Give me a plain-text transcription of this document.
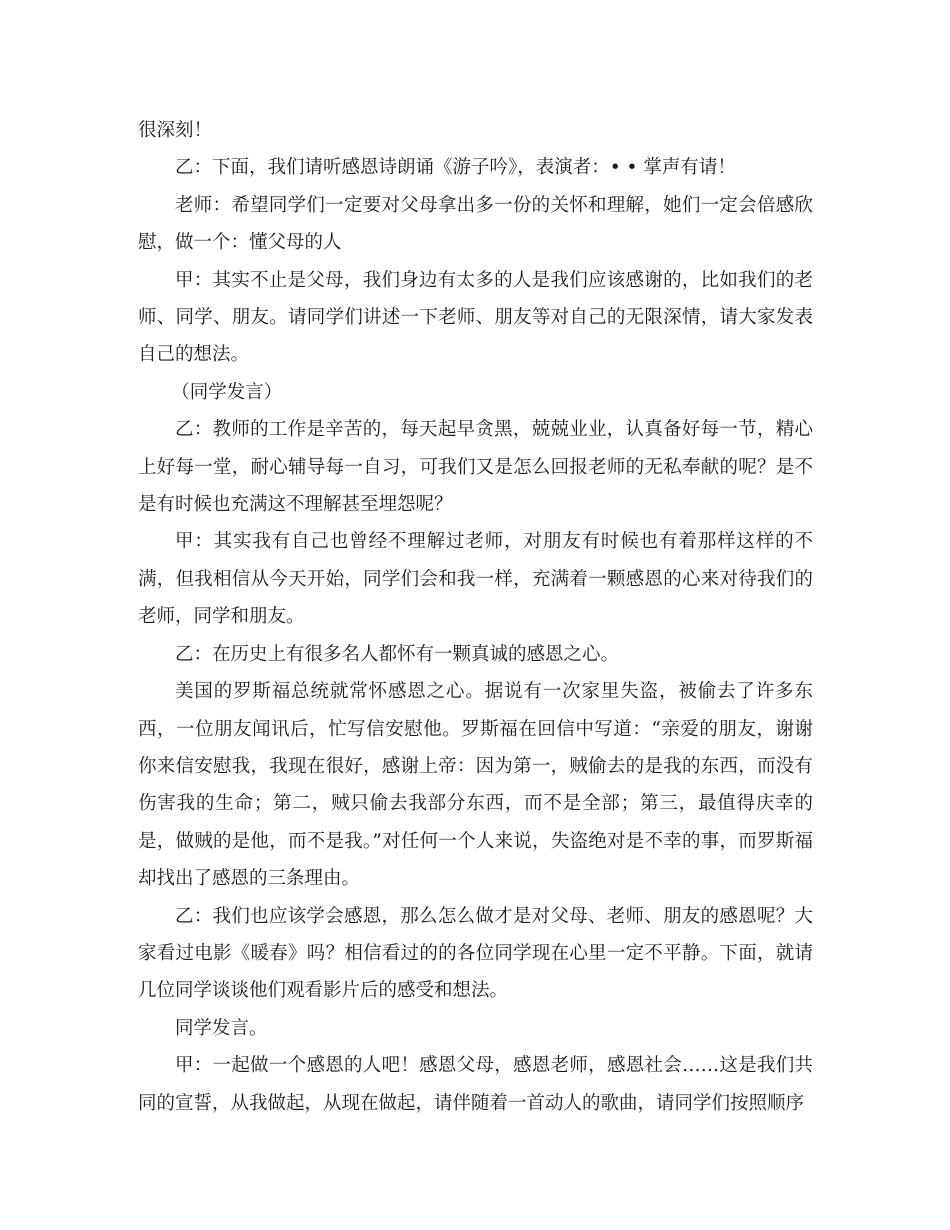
很深刻！

乙：下面，我们请听感恩诗朗诵《游子吟》，表演者：• • 掌声有请！

老师：希望同学们一定要对父母拿出多一份的关怀和理解，她们一定会倍感欣慰，做一个：懂父母的人

甲：其实不止是父母，我们身边有太多的人是我们应该感谢的，比如我们的老师、同学、朋友。请同学们讲述一下老师、朋友等对自己的无限深情，请大家发表自己的想法。

（同学发言）

乙：教师的工作是辛苦的，每天起早贪黑，兢兢业业，认真备好每一节，精心上好每一堂，耐心辅导每一自习，可我们又是怎么回报老师的无私奉献的呢？是不是有时候也充满这不理解甚至埋怨呢？

甲：其实我有自己也曾经不理解过老师，对朋友有时候也有着那样这样的不满，但我相信从今天开始，同学们会和我一样，充满着一颗感恩的心来对待我们的老师，同学和朋友。

乙：在历史上有很多名人都怀有一颗真诚的感恩之心。

美国的罗斯福总统就常怀感恩之心。据说有一次家里失盗，被偷去了许多东西，一位朋友闻讯后，忙写信安慰他。罗斯福在回信中写道：“亲爱的朋友，谢谢你来信安慰我，我现在很好，感谢上帝：因为第一，贼偷去的是我的东西，而没有伤害我的生命；第二，贼只偷去我部分东西，而不是全部；第三，最值得庆幸的是，做贼的是他，而不是我。”对任何一个人来说，失盗绝对是不幸的事，而罗斯福却找出了感恩的三条理由。

乙：我们也应该学会感恩，那么怎么做才是对父母、老师、朋友的感恩呢？大家看过电影《暖春》吗？相信看过的的各位同学现在心里一定不平静。下面，就请几位同学谈谈他们观看影片后的感受和想法。

同学发言。

甲：一起做一个感恩的人吧！感恩父母，感恩老师，感恩社会……这是我们共同的宣誓，从我做起，从现在做起，请伴随着一首动人的歌曲，请同学们按照顺序
